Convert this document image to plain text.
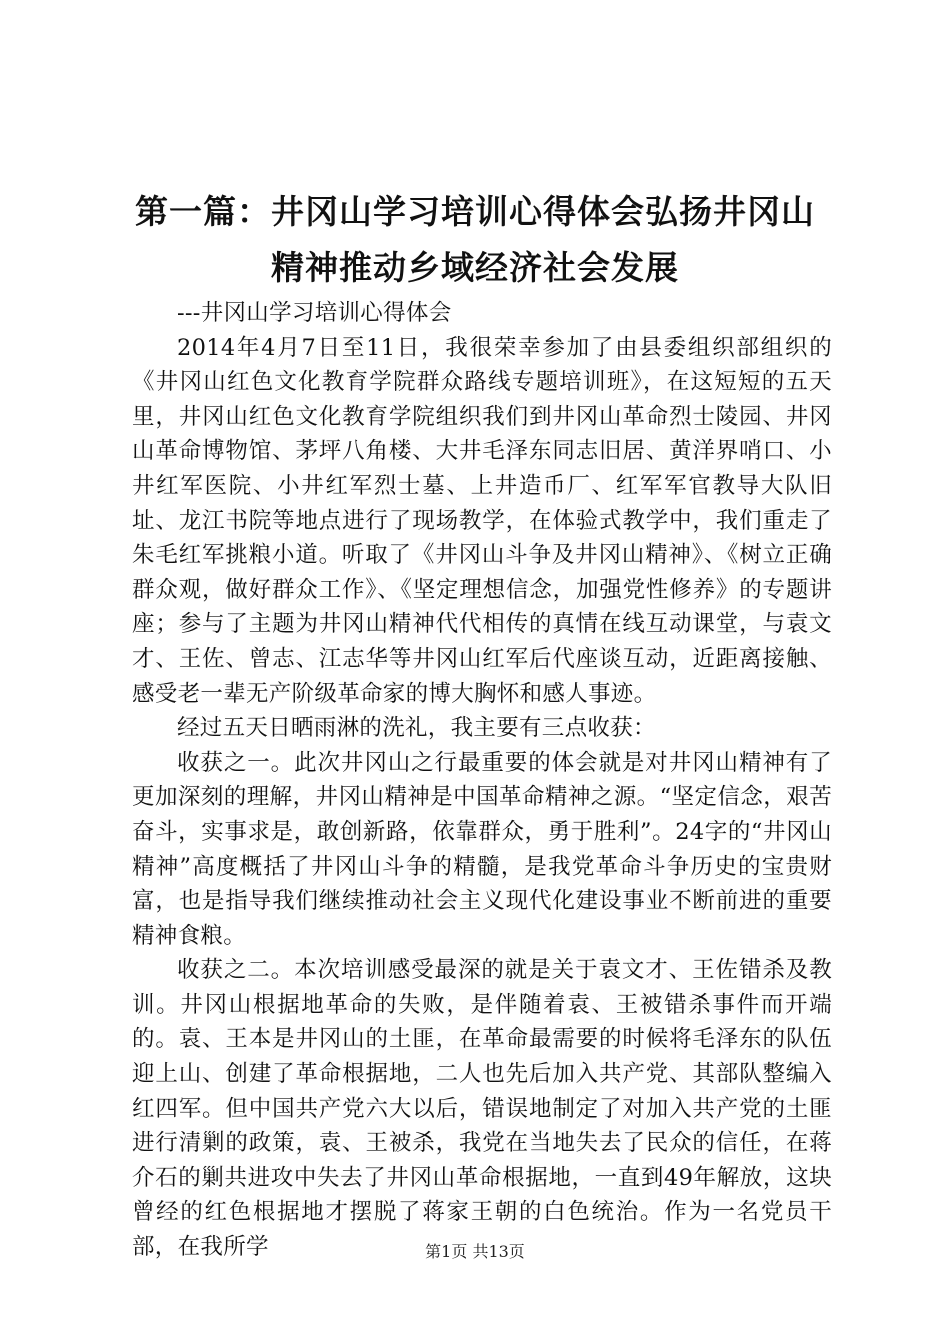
第一篇：井冈山学习培训心得体会弘扬井冈山
精神推动乡域经济社会发展

---井冈山学习培训心得体会

2014年4月7日至11日，我很荣幸参加了由县委组织部组织的《井冈山红色文化教育学院群众路线专题培训班》，在这短短的五天里，井冈山红色文化教育学院组织我们到井冈山革命烈士陵园、井冈山革命博物馆、茅坪八角楼、大井毛泽东同志旧居、黄洋界哨口、小井红军医院、小井红军烈士墓、上井造币厂、红军军官教导大队旧址、龙江书院等地点进行了现场教学，在体验式教学中，我们重走了朱毛红军挑粮小道。听取了《井冈山斗争及井冈山精神》、《树立正确群众观，做好群众工作》、《坚定理想信念，加强党性修养》的专题讲座；参与了主题为井冈山精神代代相传的真情在线互动课堂，与袁文才、王佐、曾志、江志华等井冈山红军后代座谈互动，近距离接触、感受老一辈无产阶级革命家的博大胸怀和感人事迹。

经过五天日晒雨淋的洗礼，我主要有三点收获：

收获之一。此次井冈山之行最重要的体会就是对井冈山精神有了更加深刻的理解，井冈山精神是中国革命精神之源。“坚定信念，艰苦奋斗，实事求是，敢创新路，依靠群众，勇于胜利”。24字的“井冈山精神”高度概括了井冈山斗争的精髓，是我党革命斗争历史的宝贵财富，也是指导我们继续推动社会主义现代化建设事业不断前进的重要精神食粮。

收获之二。本次培训感受最深的就是关于袁文才、王佐错杀及教训。井冈山根据地革命的失败，是伴随着袁、王被错杀事件而开端的。袁、王本是井冈山的土匪，在革命最需要的时候将毛泽东的队伍迎上山、创建了革命根据地，二人也先后加入共产党、其部队整编入红四军。但中国共产党六大以后，错误地制定了对加入共产党的土匪进行清剿的政策，袁、王被杀，我党在当地失去了民众的信任，在蒋介石的剿共进攻中失去了井冈山革命根据地，一直到49年解放，这块曾经的红色根据地才摆脱了蒋家王朝的白色统治。作为一名党员干部，在我所学	第1页 共13页
